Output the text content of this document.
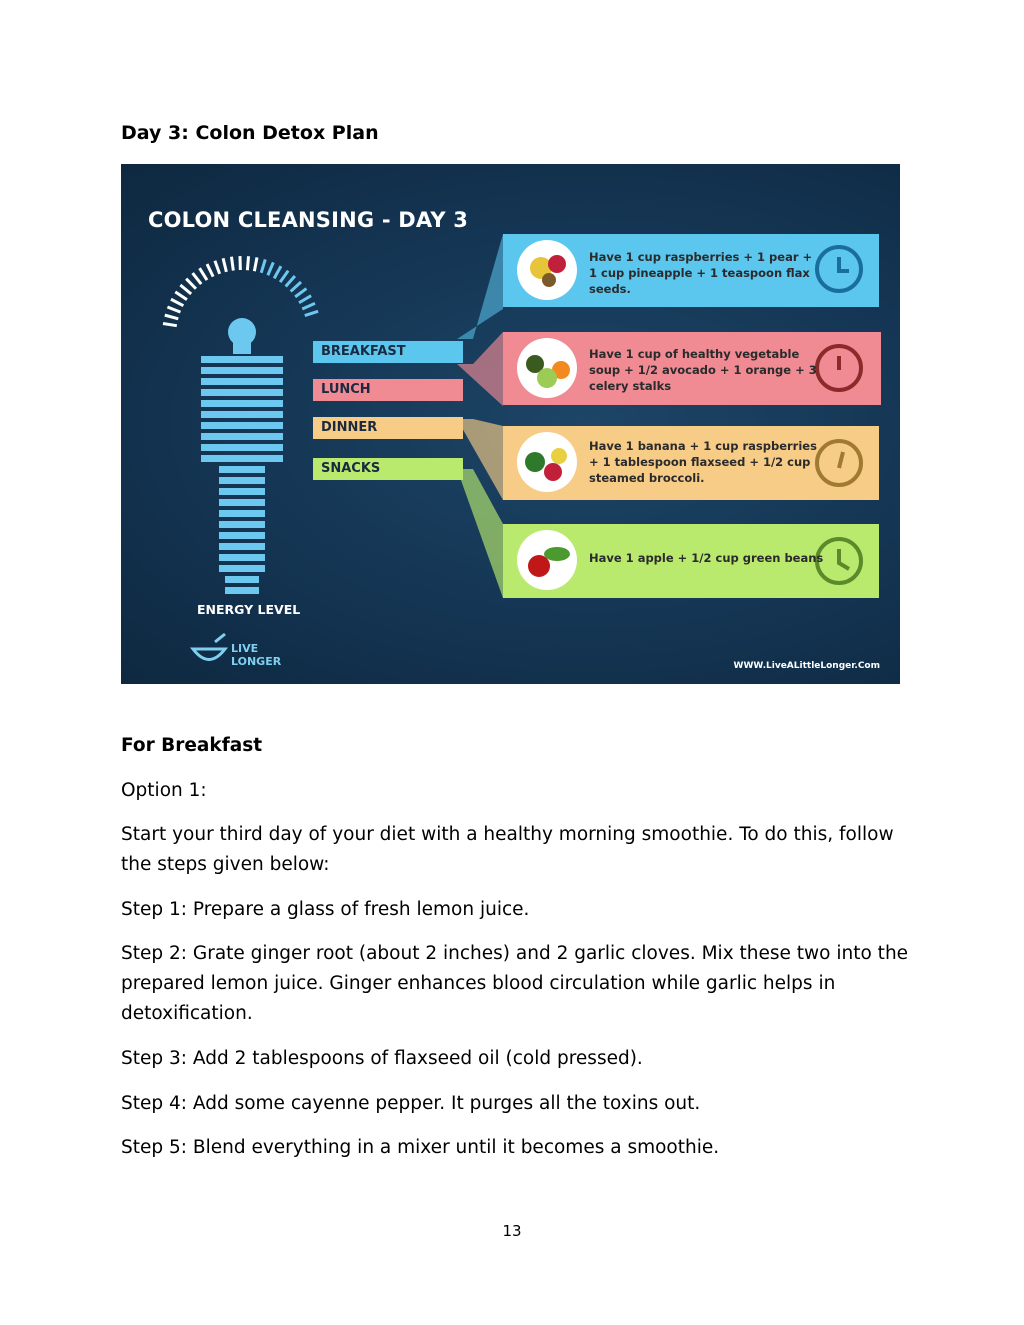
Day 3: Colon Detox Plan
COLON CLEANSING - DAY 3
BREAKFAST
LUNCH
DINNER
SNACKS
Have 1 cup raspberries + 1 pear +
1 cup pineapple + 1 teaspoon flax
seeds.
Have 1 cup of healthy vegetable
soup + 1/2 avocado + 1 orange + 3
celery stalks
Have 1 banana + 1 cup raspberries
+ 1 tablespoon flaxseed + 1/2 cup
steamed broccoli.
Have 1 apple + 1/2 cup green beans
ENERGY LEVEL
LIVE
LONGER	WWW.LiveALittleLonger.Com
For Breakfast
Option 1:
Start your third day of your diet with a healthy morning smoothie. To do this, follow the steps given below:
Step 1: Prepare a glass of fresh lemon juice.
Step 2: Grate ginger root (about 2 inches) and 2 garlic cloves. Mix these two into the prepared lemon juice. Ginger enhances blood circulation while garlic helps in detoxification.
Step 3: Add 2 tablespoons of flaxseed oil (cold pressed).
Step 4: Add some cayenne pepper. It purges all the toxins out.
Step 5: Blend everything in a mixer until it becomes a smoothie.
13
